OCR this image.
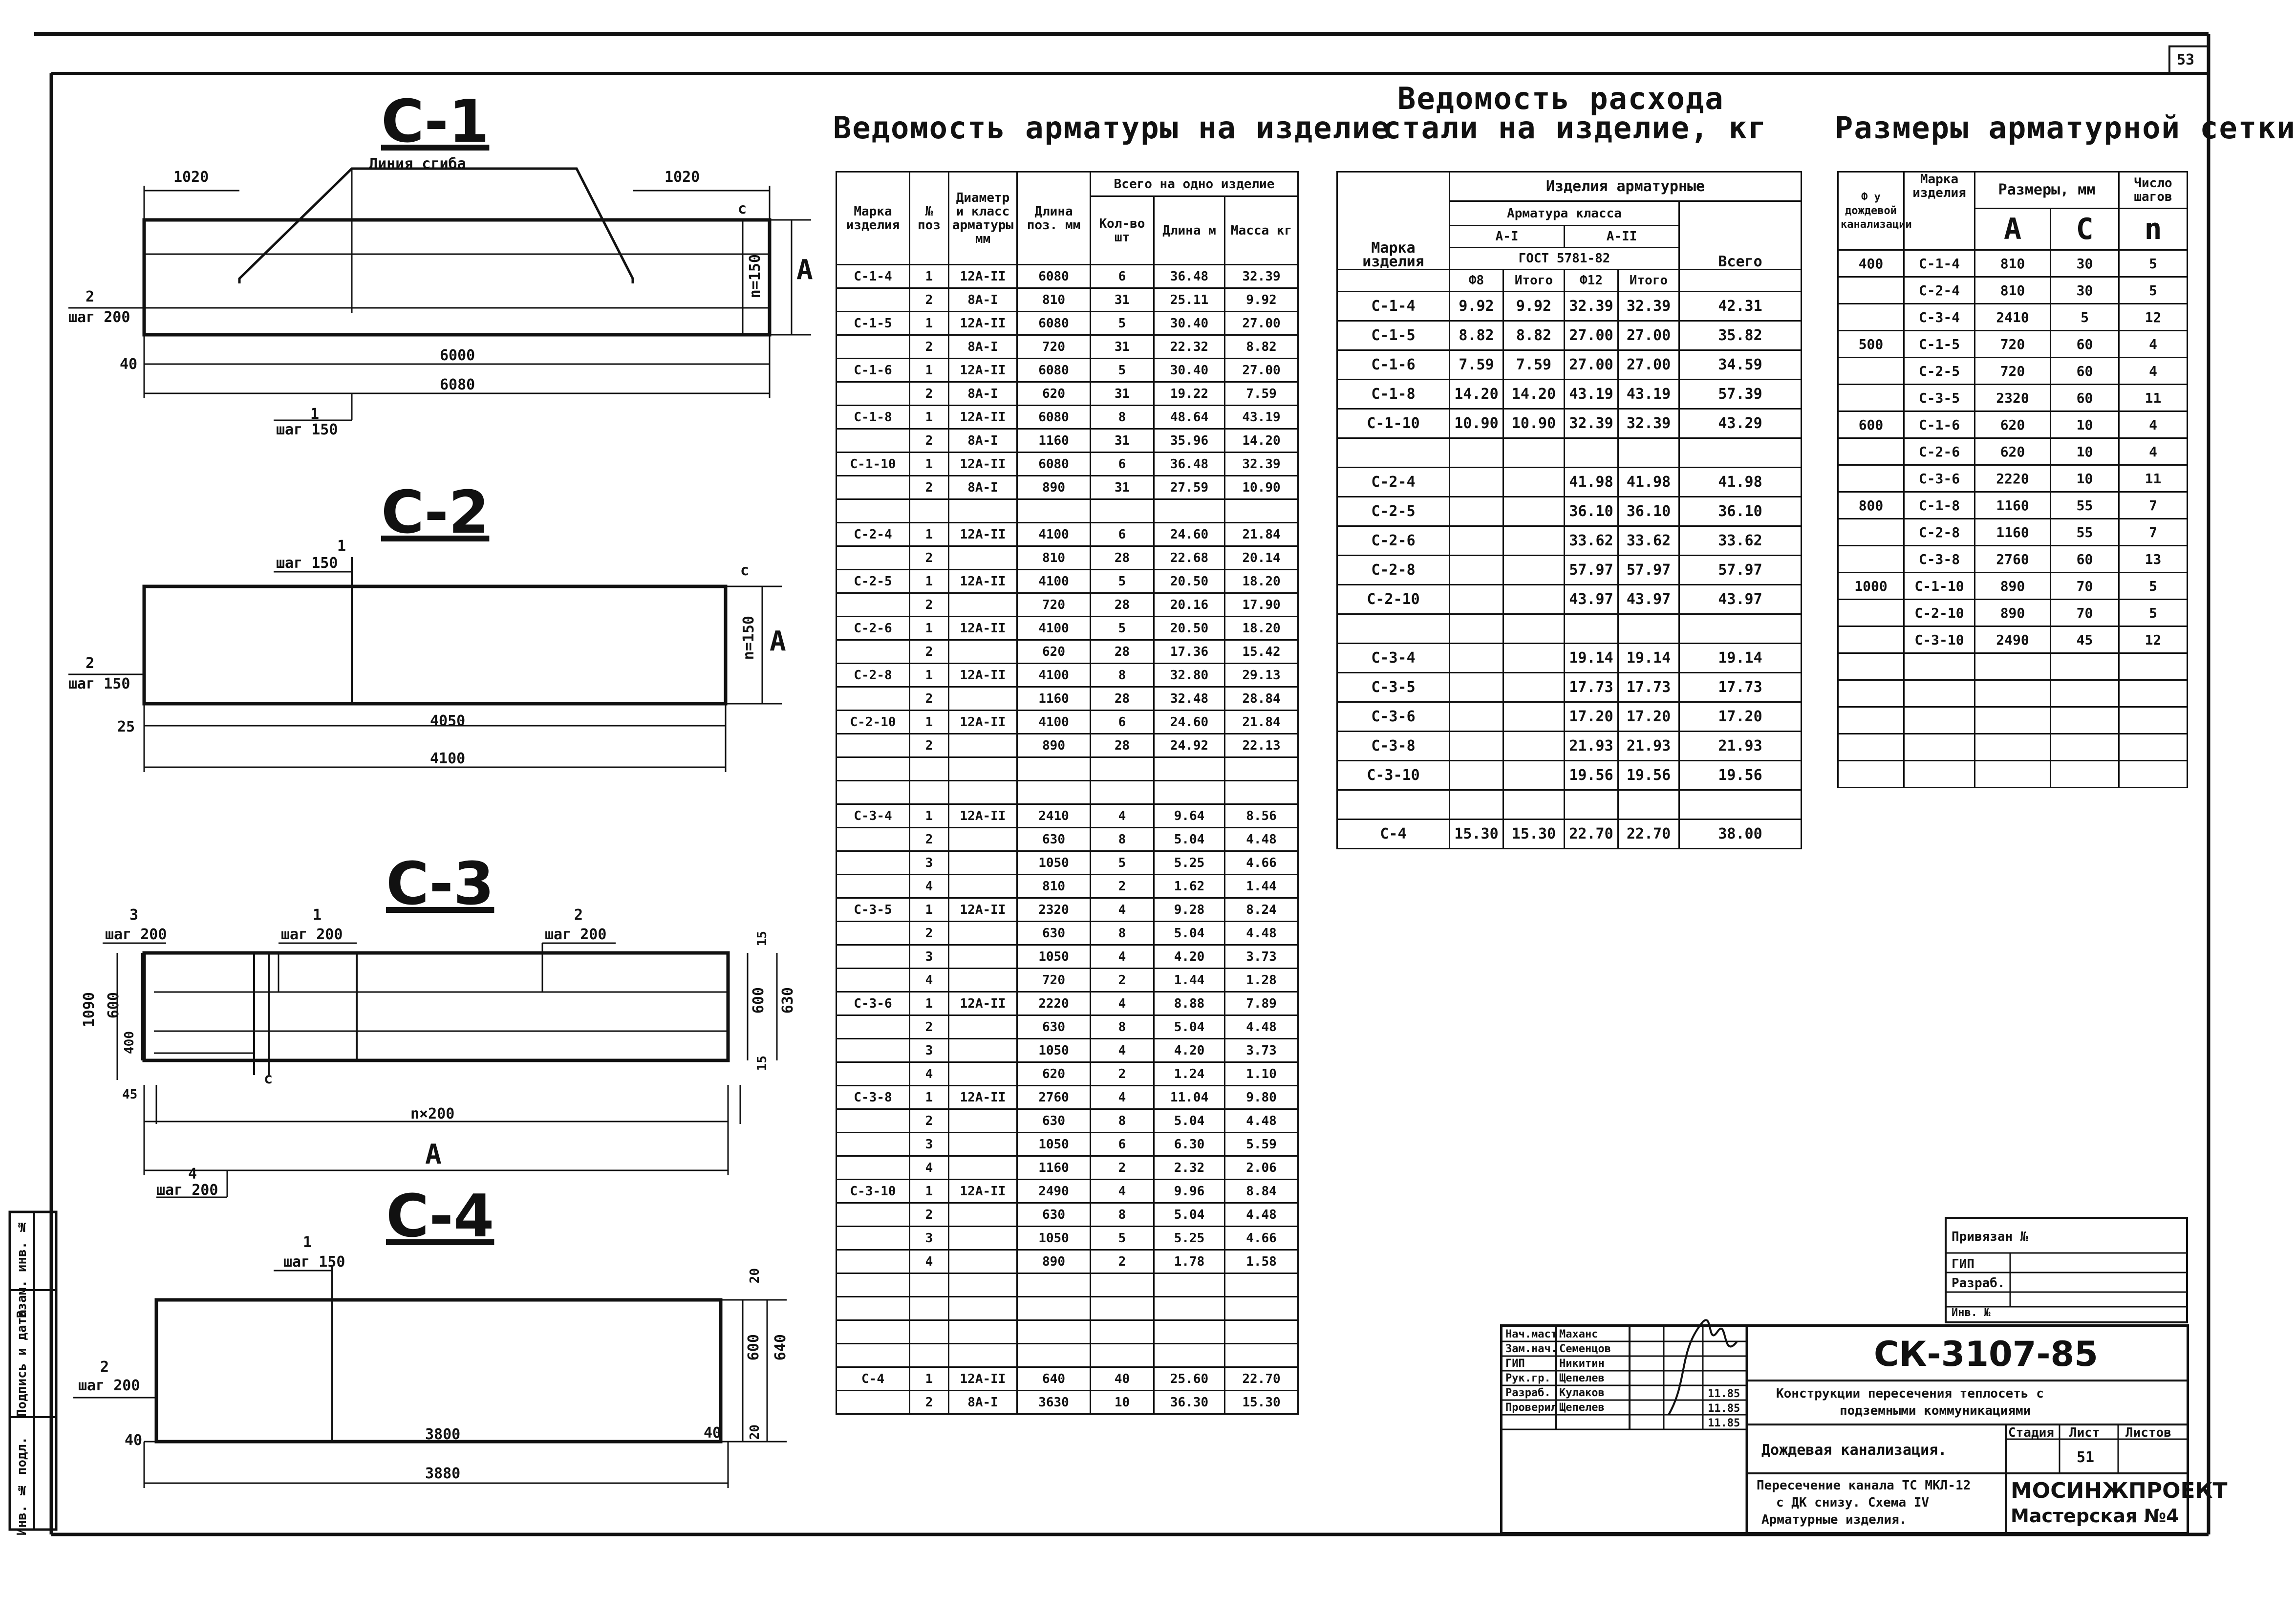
53
С-1
Линия сгиба
1020	1020
2
шаг 200
6000
6080
40
1
шаг 150
n=150 A
c
С-2
1
шаг 150
2
шаг 150
4050
4100
25
n=150 A
c
С-3
3
шаг 200
1
шаг 200
2
шаг 200
1090 600
400
45
15
15
600 630
c
n×200
A
4
шаг 200	С-4
1
шаг 150
2
шаг 200
3800
3880
40	40
20
20
600 640
Инв. № подл.
Подпись и дата
Взам. инв. №
Ведомость арматуры на изделие
Марка изделия	№ поз	Диаметр и класс арматуры мм	Длина поз. мм	Всего на одно изделие		
				Кол-во шт	Длина м	Масса кг
С-1-4	1	12А-II	6080	6	36.48	32.39
	2	8А-I	810	31	25.11	9.92
С-1-5	1	12А-II	6080	5	30.40	27.00
	2	8А-I	720	31	22.32	8.82
С-1-6	1	12А-II	6080	5	30.40	27.00
	2	8А-I	620	31	19.22	7.59
С-1-8	1	12А-II	6080	8	48.64	43.19
	2	8А-I	1160	31	35.96	14.20
С-1-10	1	12А-II	6080	6	36.48	32.39
	2	8А-I	890	31	27.59	10.90

С-2-4	1	12А-II	4100	6	24.60	21.84
	2		810	28	22.68	20.14
С-2-5	1	12А-II	4100	5	20.50	18.20
	2		720	28	20.16	17.90
С-2-6	1	12А-II	4100	5	20.50	18.20
	2		620	28	17.36	15.42
С-2-8	1	12А-II	4100	8	32.80	29.13
	2		1160	28	32.48	28.84
С-2-10	1	12А-II	4100	6	24.60	21.84
	2		890	28	24.92	22.13

С-3-4	1	12А-II	2410	4	9.64	8.56
	2		630	8	5.04	4.48
	3		1050	5	5.25	4.66
	4		810	2	1.62	1.44
С-3-5	1	12А-II	2320	4	9.28	8.24
	2		630	8	5.04	4.48
	3		1050	4	4.20	3.73
	4		720	2	1.44	1.28
С-3-6	1	12А-II	2220	4	8.88	7.89
	2		630	8	5.04	4.48
	3		1050	4	4.20	3.73
	4		620	2	1.24	1.10
С-3-8	1	12А-II	2760	4	11.04	9.80
	2		630	8	5.04	4.48
	3		1050	6	6.30	5.59
	4		1160	2	2.32	2.06
С-3-10	1	12А-II	2490	4	9.96	8.84
	2		630	8	5.04	4.48
	3		1050	5	5.25	4.66
	4		890	2	1.78	1.58

С-4	1	12А-II	640	40	25.60	22.70
	2	8А-I	3630	10	36.30	15.30
Ведомость расхода
стали на изделие, кг
Марка изделия	Изделия арматурные				
	Арматура класса				Всего
	А-I		А-II		
	ГОСТ 5781-82				
	Ф8	Итого	Ф12	Итого	
С-1-4	9.92	9.92	32.39	32.39	42.31
С-1-5	8.82	8.82	27.00	27.00	35.82
С-1-6	7.59	7.59	27.00	27.00	34.59
С-1-8	14.20	14.20	43.19	43.19	57.39
С-1-10	10.90	10.90	32.39	32.39	43.29

С-2-4			41.98	41.98	41.98
С-2-5			36.10	36.10	36.10
С-2-6			33.62	33.62	33.62
С-2-8			57.97	57.97	57.97
С-2-10			43.97	43.97	43.97

С-3-4			19.14	19.14	19.14
С-3-5			17.73	17.73	17.73
С-3-6			17.20	17.20	17.20
С-3-8			21.93	21.93	21.93
С-3-10			19.56	19.56	19.56

С-4	15.30	15.30	22.70	22.70	38.00
Размеры арматурной сетки
Ф у дождевой канализации	Марка изделия	Размеры, мм		Число шагов
		А	С	n
400	С-1-4	810	30	5
	С-2-4	810	30	5
	С-3-4	2410	5	12
500	С-1-5	720	60	4
	С-2-5	720	60	4
	С-3-5	2320	60	11
600	С-1-6	620	10	4
	С-2-6	620	10	4
	С-3-6	2220	10	11
800	С-1-8	1160	55	7
	С-2-8	1160	55	7
	С-3-8	2760	60	13
1000	С-1-10	890	70	5
	С-2-10	890	70	5
	С-3-10	2490	45	12

Привязан №
ГИП
Разраб.
Инв. №
Нач.маст.
Маханс
Зам.нач. Семенцов
ГИП	Никитин
Рук.гр. Щепелев
Разраб. Кулаков
Проверил Щепелев
11.85
11.85
11.85
СК-3107-85
Конструкции пересечения теплосеть с
подземными коммуникациями
Дождевая канализация.
Пересечение канала ТС МКЛ-12
с ДК снизу. Схема IV
Арматурные изделия.
Стадия Лист Листов
51
МОСИНЖПРОЕКТ
Мастерская №4
